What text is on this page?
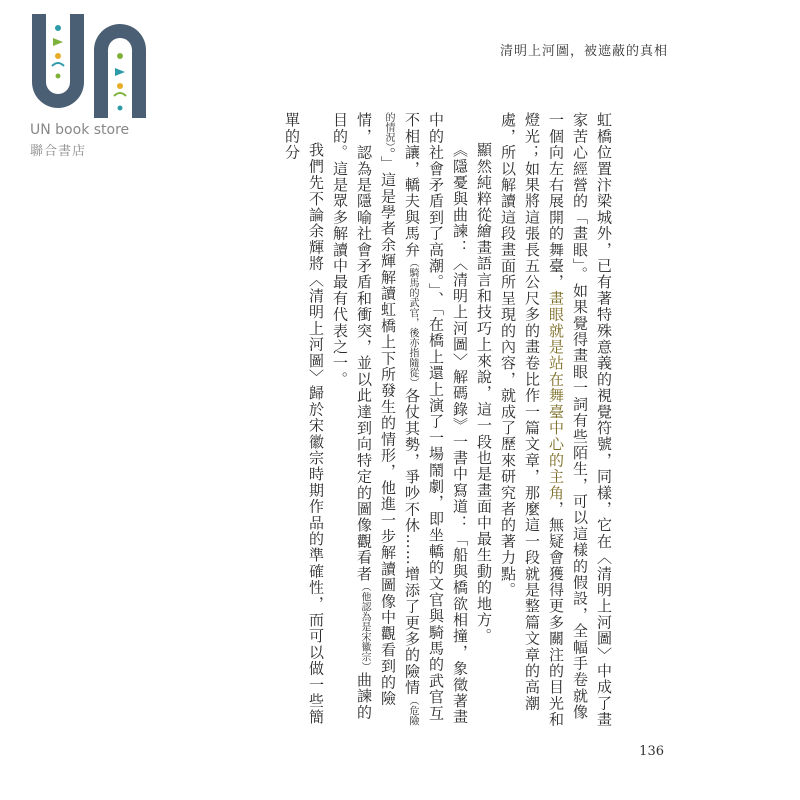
UN book store
聯合書店
清明上河圖，被遮蔽的真相

虹橋位置汴梁城外，已有著特殊意義的視覺符號，同樣，它在〈清明上河圖〉中成了畫家苦心經營的「畫眼」。如果覺得畫眼一詞有些陌生，可以這樣的假設，全幅手卷就像一個向左右展開的舞臺，畫眼就是站在舞臺中心的主角，無疑會獲得更多關注的目光和燈光；如果將這張長五公尺多的畫卷比作一篇文章，那麼這一段就是整篇文章的高潮處，所以解讀這段畫面所呈現的內容，就成了歷來研究者的著力點。

顯然純粹從繪畫語言和技巧上來說，這一段也是畫面中最生動的地方。

《隱憂與曲諫：〈清明上河圖〉解碼錄》一書中寫道：「船與橋欲相撞，象徵著畫中的社會矛盾到了高潮。」、「在橋上還上演了一場鬧劇，即坐轎的文官與騎馬的武官互不相讓，轎夫與馬弁（騎馬的武官，後亦指隨從）各仗其勢，爭吵不休……增添了更多的險情（危險的情況）。」這是學者余輝解讀虹橋上下所發生的情形，他進一步解讀圖像中觀看到的險情，認為是隱喻社會矛盾和衝突，並以此達到向特定的圖像觀看者（他認為是宋徽宗）曲諫的目的。這是眾多解讀中最有代表之一。

我們先不論余輝將〈清明上河圖〉歸於宋徽宗時期作品的準確性，而可以做一些簡單的分

136
